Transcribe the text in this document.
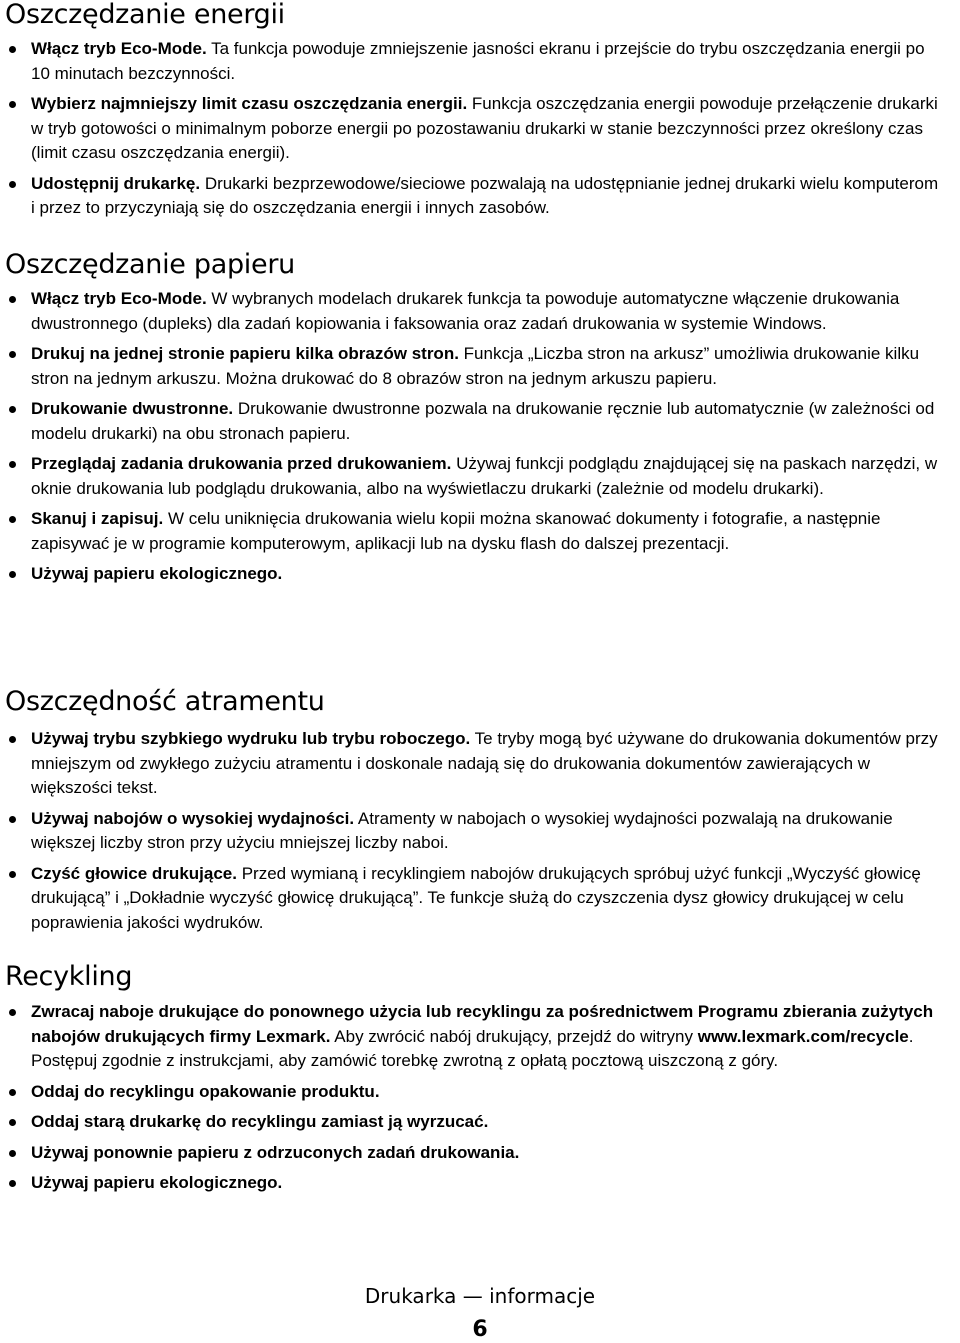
Oszczędzanie energii
Włącz tryb Eco-Mode. Ta funkcja powoduje zmniejszenie jasności ekranu i przejście do trybu oszczędzania energii po 10 minutach bezczynności.
Wybierz najmniejszy limit czasu oszczędzania energii. Funkcja oszczędzania energii powoduje przełączenie drukarki w tryb gotowości o minimalnym poborze energii po pozostawaniu drukarki w stanie bezczynności przez określony czas (limit czasu oszczędzania energii).
Udostępnij drukarkę. Drukarki bezprzewodowe/sieciowe pozwalają na udostępnianie jednej drukarki wielu komputerom i przez to przyczyniają się do oszczędzania energii i innych zasobów.
Oszczędzanie papieru
Włącz tryb Eco-Mode. W wybranych modelach drukarek funkcja ta powoduje automatyczne włączenie drukowania dwustronnego (dupleks) dla zadań kopiowania i faksowania oraz zadań drukowania w systemie Windows.
Drukuj na jednej stronie papieru kilka obrazów stron. Funkcja „Liczba stron na arkusz” umożliwia drukowanie kilku stron na jednym arkuszu. Można drukować do 8 obrazów stron na jednym arkuszu papieru.
Drukowanie dwustronne. Drukowanie dwustronne pozwala na drukowanie ręcznie lub automatycznie (w zależności od modelu drukarki) na obu stronach papieru.
Przeglądaj zadania drukowania przed drukowaniem. Używaj funkcji podglądu znajdującej się na paskach narzędzi, w oknie drukowania lub podglądu drukowania, albo na wyświetlaczu drukarki (zależnie od modelu drukarki).
Skanuj i zapisuj. W celu uniknięcia drukowania wielu kopii można skanować dokumenty i fotografie, a następnie zapisywać je w programie komputerowym, aplikacji lub na dysku flash do dalszej prezentacji.
Używaj papieru ekologicznego.
Oszczędność atramentu
Używaj trybu szybkiego wydruku lub trybu roboczego. Te tryby mogą być używane do drukowania dokumentów przy mniejszym od zwykłego zużyciu atramentu i doskonale nadają się do drukowania dokumentów zawierających w większości tekst.
Używaj nabojów o wysokiej wydajności. Atramenty w nabojach o wysokiej wydajności pozwalają na drukowanie większej liczby stron przy użyciu mniejszej liczby naboi.
Czyść głowice drukujące. Przed wymianą i recyklingiem nabojów drukujących spróbuj użyć funkcji „Wyczyść głowicę drukującą” i „Dokładnie wyczyść głowicę drukującą”. Te funkcje służą do czyszczenia dysz głowicy drukującej w celu poprawienia jakości wydruków.
Recykling
Zwracaj naboje drukujące do ponownego użycia lub recyklingu za pośrednictwem Programu zbierania zużytych nabojów drukujących firmy Lexmark. Aby zwrócić nabój drukujący, przejdź do witryny www.lexmark.com/recycle. Postępuj zgodnie z instrukcjami, aby zamówić torebkę zwrotną z opłatą pocztową uiszczoną z góry.
Oddaj do recyklingu opakowanie produktu.
Oddaj starą drukarkę do recyklingu zamiast ją wyrzucać.
Używaj ponownie papieru z odrzuconych zadań drukowania.
Używaj papieru ekologicznego.
Drukarka — informacje
6
